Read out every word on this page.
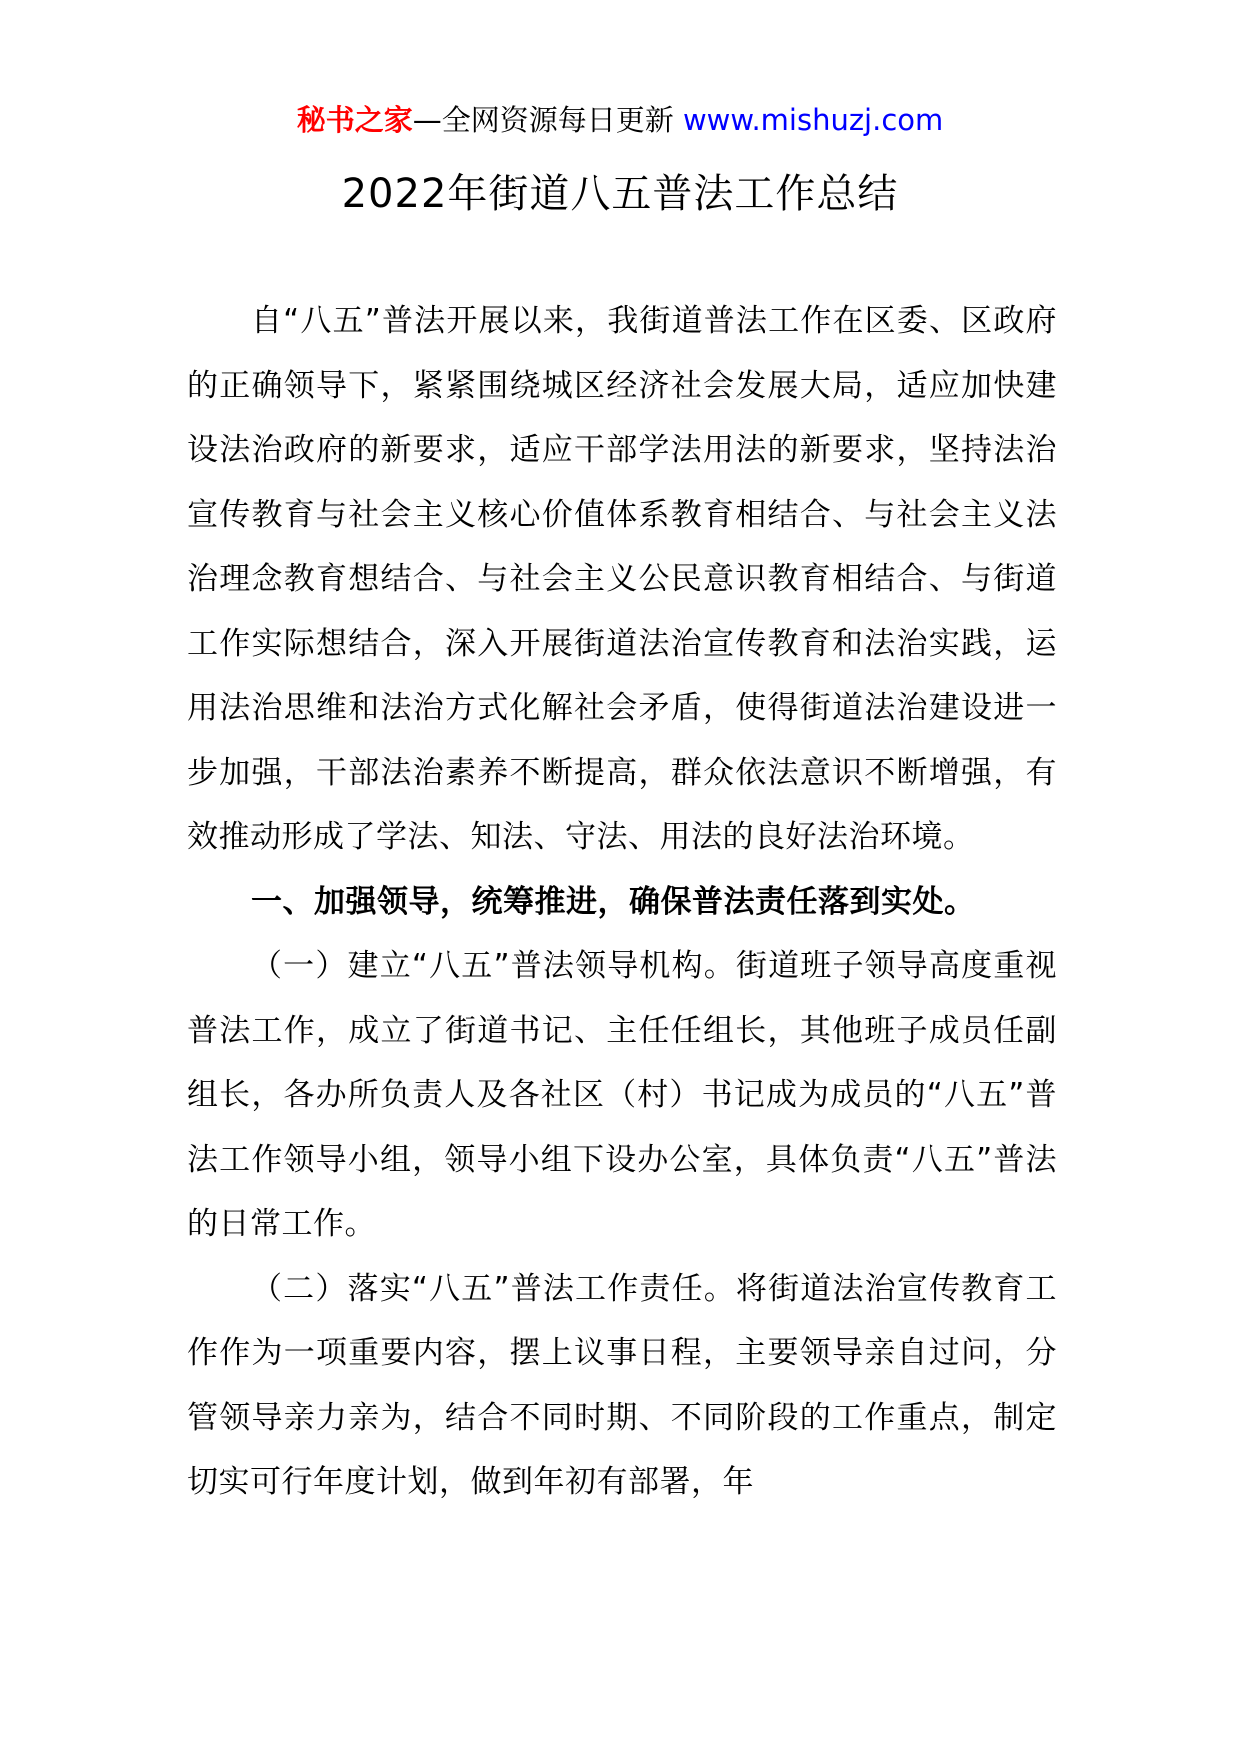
秘书之家—全网资源每日更新 www.mishuzj.com
2022年街道八五普法工作总结

自“八五”普法开展以来，我街道普法工作在区委、区政府的正确领导下，紧紧围绕城区经济社会发展大局，适应加快建设法治政府的新要求，适应干部学法用法的新要求，坚持法治宣传教育与社会主义核心价值体系教育相结合、与社会主义法治理念教育想结合、与社会主义公民意识教育相结合、与街道工作实际想结合，深入开展街道法治宣传教育和法治实践，运用法治思维和法治方式化解社会矛盾，使得街道法治建设进一步加强，干部法治素养不断提高，群众依法意识不断增强，有效推动形成了学法、知法、守法、用法的良好法治环境。

一、加强领导，统筹推进，确保普法责任落到实处。

（一）建立“八五”普法领导机构。街道班子领导高度重视普法工作，成立了街道书记、主任任组长，其他班子成员任副组长，各办所负责人及各社区（村）书记成为成员的“八五”普法工作领导小组，领导小组下设办公室，具体负责“八五”普法的日常工作。

（二）落实“八五”普法工作责任。将街道法治宣传教育工作作为一项重要内容，摆上议事日程，主要领导亲自过问，分管领导亲力亲为，结合不同时期、不同阶段的工作重点，制定切实可行年度计划，做到年初有部署，年
